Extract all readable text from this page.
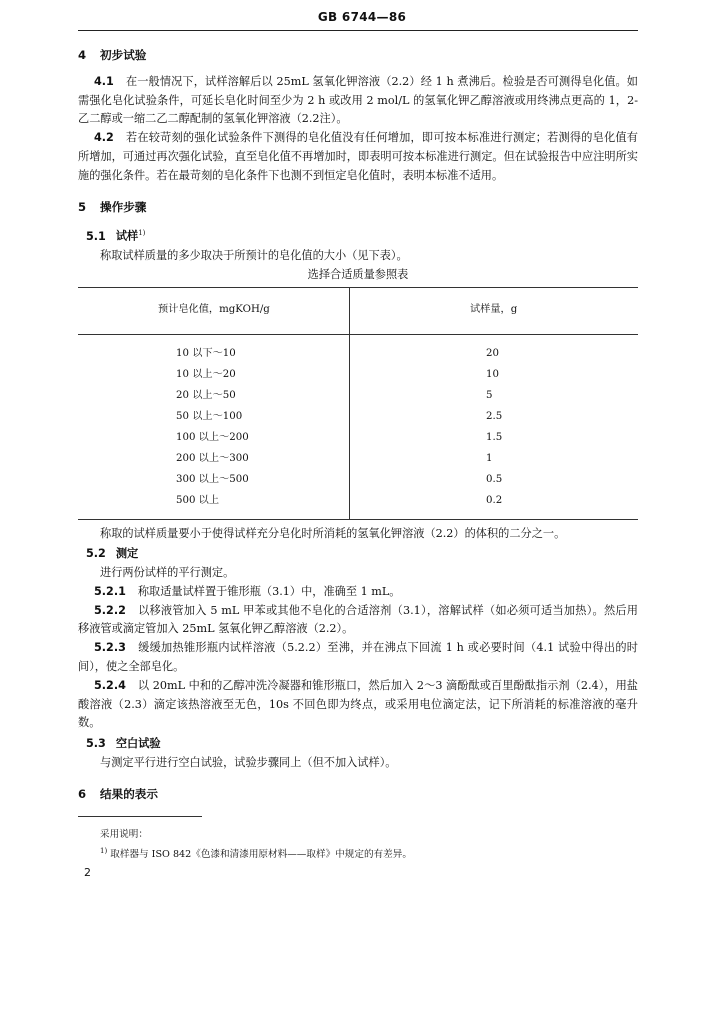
GB 6744—86
4 初步试验

4.1 在一般情况下，试样溶解后以 25mL 氢氧化钾溶液（2.2）经 1 h 煮沸后。检验是否可测得皂化值。如需强化皂化试验条件，可延长皂化时间至少为 2 h 或改用 2 mol/L 的氢氧化钾乙醇溶液或用终沸点更高的 1，2-乙二醇或一缩二乙二醇配制的氢氧化钾溶液（2.2注）。

4.2 若在较苛刻的强化试验条件下测得的皂化值没有任何增加，即可按本标准进行测定；若测得的皂化值有所增加，可通过再次强化试验，直至皂化值不再增加时，即表明可按本标准进行测定。但在试验报告中应注明所实施的强化条件。若在最苛刻的皂化条件下也测不到恒定皂化值时，表明本标准不适用。

5 操作步骤
5.1 试样$^{1)}$

称取试样质量的多少取决于所预计的皂化值的大小（见下表）。

选择合适质量参照表

预计皂化值，mgKOH/g	试样量，g
10 以下～10	20
10 以上～20	10
20 以上～50	5
50 以上～100	2.5
100 以上～200	1.5
200 以上～300	1
300 以上～500	0.5
500 以上	0.2

称取的试样质量要小于使得试样充分皂化时所消耗的氢氧化钾溶液（2.2）的体积的二分之一。

5.2 测定

进行两份试样的平行测定。

5.2.1 称取适量试样置于锥形瓶（3.1）中，准确至 1 mL。

5.2.2 以移液管加入 5 mL 甲苯或其他不皂化的合适溶剂（3.1），溶解试样（如必须可适当加热）。然后用移液管或滴定管加入 25mL 氢氧化钾乙醇溶液（2.2）。

5.2.3 缓缓加热锥形瓶内试样溶液（5.2.2）至沸，并在沸点下回流 1 h 或必要时间（4.1 试验中得出的时间），使之全部皂化。

5.2.4 以 20mL 中和的乙醇冲洗冷凝器和锥形瓶口，然后加入 2～3 滴酚酞或百里酚酞指示剂（2.4），用盐酸溶液（2.3）滴定该热溶液至无色，10s 不回色即为终点，或采用电位滴定法，记下所消耗的标准溶液的毫升数。

5.3 空白试验

与测定平行进行空白试验，试验步骤同上（但不加入试样）。

6 结果的表示
采用说明：
$^{1)}$ 取样器与 ISO 842《色漆和清漆用原材料——取样》中规定的有差异。
2
